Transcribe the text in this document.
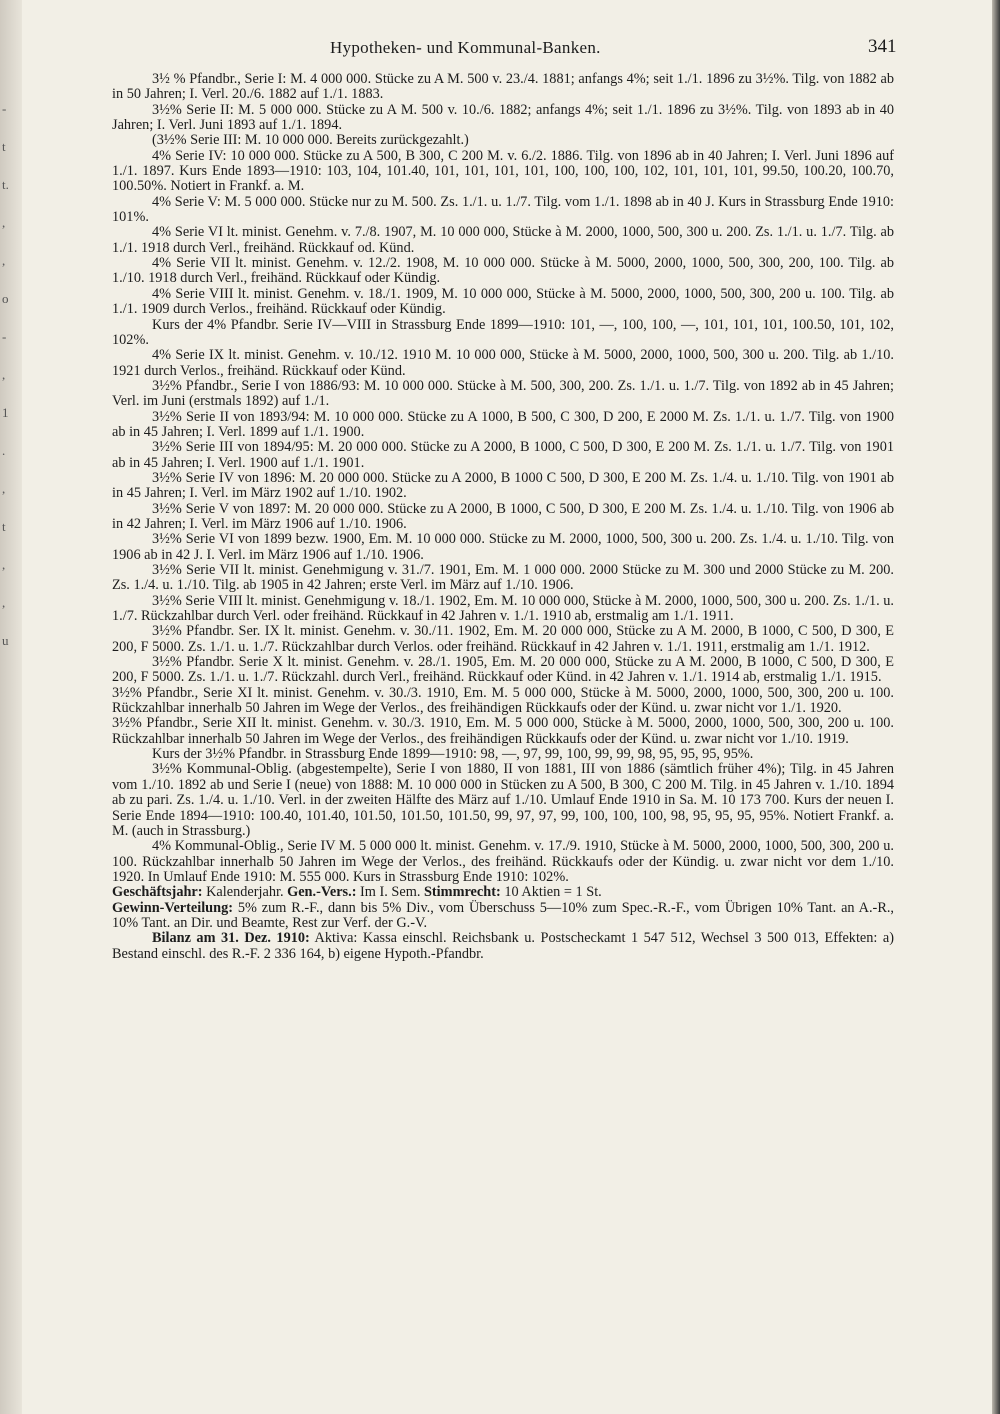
-
t
t.
,
,
o
-
,
1
.
,
t
,
,
u
Hypotheken- und Kommunal-Banken.	341

3½ % Pfandbr., Serie I: M. 4 000 000. Stücke zu A M. 500 v. 23./4. 1881; anfangs 4%; seit 1./1. 1896 zu 3½%. Tilg. von 1882 ab in 50 Jahren; I. Verl. 20./6. 1882 auf 1./1. 1883.

3½% Serie II: M. 5 000 000. Stücke zu A M. 500 v. 10./6. 1882; anfangs 4%; seit 1./1. 1896 zu 3½%. Tilg. von 1893 ab in 40 Jahren; I. Verl. Juni 1893 auf 1./1. 1894.

(3½% Serie III: M. 10 000 000. Bereits zurückgezahlt.)

4% Serie IV: 10 000 000. Stücke zu A 500, B 300, C 200 M. v. 6./2. 1886. Tilg. von 1896 ab in 40 Jahren; I. Verl. Juni 1896 auf 1./1. 1897. Kurs Ende 1893—1910: 103, 104, 101.40, 101, 101, 101, 101, 100, 100, 100, 102, 101, 101, 101, 99.50, 100.20, 100.70, 100.50%. Notiert in Frankf. a. M.

4% Serie V: M. 5 000 000. Stücke nur zu M. 500. Zs. 1./1. u. 1./7. Tilg. vom 1./1. 1898 ab in 40 J. Kurs in Strassburg Ende 1910: 101%.

4% Serie VI lt. minist. Genehm. v. 7./8. 1907, M. 10 000 000, Stücke à M. 2000, 1000, 500, 300 u. 200. Zs. 1./1. u. 1./7. Tilg. ab 1./1. 1918 durch Verl., freihänd. Rückkauf od. Künd.

4% Serie VII lt. minist. Genehm. v. 12./2. 1908, M. 10 000 000. Stücke à M. 5000, 2000, 1000, 500, 300, 200, 100. Tilg. ab 1./10. 1918 durch Verl., freihänd. Rückkauf oder Kündig.

4% Serie VIII lt. minist. Genehm. v. 18./1. 1909, M. 10 000 000, Stücke à M. 5000, 2000, 1000, 500, 300, 200 u. 100. Tilg. ab 1./1. 1909 durch Verlos., freihänd. Rückkauf oder Kündig.

Kurs der 4% Pfandbr. Serie IV—VIII in Strassburg Ende 1899—1910: 101, —, 100, 100, —, 101, 101, 101, 100.50, 101, 102, 102%.

4% Serie IX lt. minist. Genehm. v. 10./12. 1910 M. 10 000 000, Stücke à M. 5000, 2000, 1000, 500, 300 u. 200. Tilg. ab 1./10. 1921 durch Verlos., freihänd. Rückkauf oder Künd.

3½% Pfandbr., Serie I von 1886/93: M. 10 000 000. Stücke à M. 500, 300, 200. Zs. 1./1. u. 1./7. Tilg. von 1892 ab in 45 Jahren; Verl. im Juni (erstmals 1892) auf 1./1.

3½% Serie II von 1893/94: M. 10 000 000. Stücke zu A 1000, B 500, C 300, D 200, E 2000 M. Zs. 1./1. u. 1./7. Tilg. von 1900 ab in 45 Jahren; I. Verl. 1899 auf 1./1. 1900.

3½% Serie III von 1894/95: M. 20 000 000. Stücke zu A 2000, B 1000, C 500, D 300, E 200 M. Zs. 1./1. u. 1./7. Tilg. von 1901 ab in 45 Jahren; I. Verl. 1900 auf 1./1. 1901.

3½% Serie IV von 1896: M. 20 000 000. Stücke zu A 2000, B 1000 C 500, D 300, E 200 M. Zs. 1./4. u. 1./10. Tilg. von 1901 ab in 45 Jahren; I. Verl. im März 1902 auf 1./10. 1902.

3½% Serie V von 1897: M. 20 000 000. Stücke zu A 2000, B 1000, C 500, D 300, E 200 M. Zs. 1./4. u. 1./10. Tilg. von 1906 ab in 42 Jahren; I. Verl. im März 1906 auf 1./10. 1906.

3½% Serie VI von 1899 bezw. 1900, Em. M. 10 000 000. Stücke zu M. 2000, 1000, 500, 300 u. 200. Zs. 1./4. u. 1./10. Tilg. von 1906 ab in 42 J. I. Verl. im März 1906 auf 1./10. 1906.

3½% Serie VII lt. minist. Genehmigung v. 31./7. 1901, Em. M. 1 000 000. 2000 Stücke zu M. 300 und 2000 Stücke zu M. 200. Zs. 1./4. u. 1./10. Tilg. ab 1905 in 42 Jahren; erste Verl. im März auf 1./10. 1906.

3½% Serie VIII lt. minist. Genehmigung v. 18./1. 1902, Em. M. 10 000 000, Stücke à M. 2000, 1000, 500, 300 u. 200. Zs. 1./1. u. 1./7. Rückzahlbar durch Verl. oder freihänd. Rückkauf in 42 Jahren v. 1./1. 1910 ab, erstmalig am 1./1. 1911.

3½% Pfandbr. Ser. IX lt. minist. Genehm. v. 30./11. 1902, Em. M. 20 000 000, Stücke zu A M. 2000, B 1000, C 500, D 300, E 200, F 5000. Zs. 1./1. u. 1./7. Rückzahlbar durch Verlos. oder freihänd. Rückkauf in 42 Jahren v. 1./1. 1911, erstmalig am 1./1. 1912.

3½% Pfandbr. Serie X lt. minist. Genehm. v. 28./1. 1905, Em. M. 20 000 000, Stücke zu A M. 2000, B 1000, C 500, D 300, E 200, F 5000. Zs. 1./1. u. 1./7. Rückzahl. durch Verl., freihänd. Rückkauf oder Künd. in 42 Jahren v. 1./1. 1914 ab, erstmalig 1./1. 1915.

3½% Pfandbr., Serie XI lt. minist. Genehm. v. 30./3. 1910, Em. M. 5 000 000, Stücke à M. 5000, 2000, 1000, 500, 300, 200 u. 100. Rückzahlbar innerhalb 50 Jahren im Wege der Verlos., des freihändigen Rückkaufs oder der Künd. u. zwar nicht vor 1./1. 1920.

3½% Pfandbr., Serie XII lt. minist. Genehm. v. 30./3. 1910, Em. M. 5 000 000, Stücke à M. 5000, 2000, 1000, 500, 300, 200 u. 100. Rückzahlbar innerhalb 50 Jahren im Wege der Verlos., des freihändigen Rückkaufs oder der Künd. u. zwar nicht vor 1./10. 1919.

Kurs der 3½% Pfandbr. in Strassburg Ende 1899—1910: 98, —, 97, 99, 100, 99, 99, 98, 95, 95, 95, 95%.

3½% Kommunal-Oblig. (abgestempelte), Serie I von 1880, II von 1881, III von 1886 (sämtlich früher 4%); Tilg. in 45 Jahren vom 1./10. 1892 ab und Serie I (neue) von 1888: M. 10 000 000 in Stücken zu A 500, B 300, C 200 M. Tilg. in 45 Jahren v. 1./10. 1894 ab zu pari. Zs. 1./4. u. 1./10. Verl. in der zweiten Hälfte des März auf 1./10. Umlauf Ende 1910 in Sa. M. 10 173 700. Kurs der neuen I. Serie Ende 1894—1910: 100.40, 101.40, 101.50, 101.50, 101.50, 99, 97, 97, 99, 100, 100, 100, 98, 95, 95, 95, 95%. Notiert Frankf. a. M. (auch in Strassburg.)

4% Kommunal-Oblig., Serie IV M. 5 000 000 lt. minist. Genehm. v. 17./9. 1910, Stücke à M. 5000, 2000, 1000, 500, 300, 200 u. 100. Rückzahlbar innerhalb 50 Jahren im Wege der Verlos., des freihänd. Rückkaufs oder der Kündig. u. zwar nicht vor dem 1./10. 1920. In Umlauf Ende 1910: M. 555 000. Kurs in Strassburg Ende 1910: 102%.

Geschäftsjahr: Kalenderjahr. Gen.-Vers.: Im I. Sem. Stimmrecht: 10 Aktien = 1 St.

Gewinn-Verteilung: 5% zum R.-F., dann bis 5% Div., vom Überschuss 5—10% zum Spec.-R.-F., vom Übrigen 10% Tant. an A.-R., 10% Tant. an Dir. und Beamte, Rest zur Verf. der G.-V.

Bilanz am 31. Dez. 1910: Aktiva: Kassa einschl. Reichsbank u. Postscheckamt 1 547 512, Wechsel 3 500 013, Effekten: a) Bestand einschl. des R.-F. 2 336 164, b) eigene Hypoth.-Pfandbr.
